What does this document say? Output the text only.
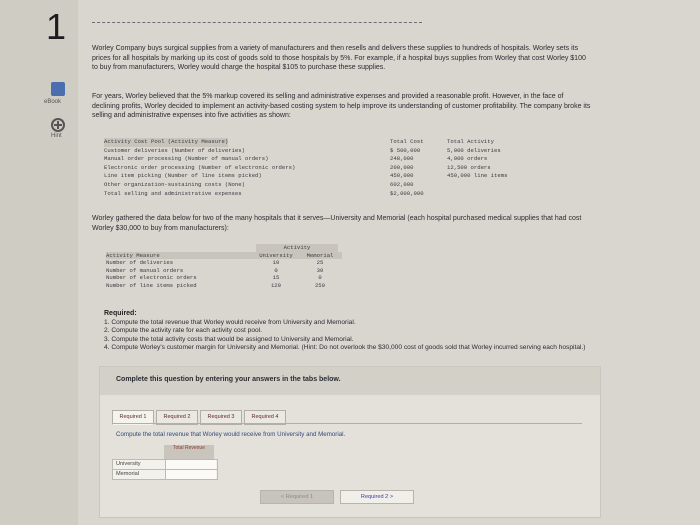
1
eBook
Hint
Worley Company buys surgical supplies from a variety of manufacturers and then resells and delivers these supplies to hundreds of hospitals. Worley sets its prices for all hospitals by marking up its cost of goods sold to those hospitals by 5%. For example, if a hospital buys supplies from Worley that cost Worley $100 to buy from manufacturers, Worley would charge the hospital $105 to purchase these supplies.
For years, Worley believed that the 5% markup covered its selling and administrative expenses and provided a reasonable profit. However, in the face of declining profits, Worley decided to implement an activity-based costing system to help improve its understanding of customer profitability. The company broke its selling and administrative expenses into five activities as shown:
Activity Cost Pool (Activity Measure)	Total Cost	Total Activity
Customer deliveries (Number of deliveries)	$ 500,000	5,000 deliveries
Manual order processing (Number of manual orders)	248,000	4,000 orders
Electronic order processing (Number of electronic orders)	200,000	12,500 orders
Line item picking (Number of line items picked)	450,000	450,000 line items
Other organization-sustaining costs (None)	602,000
Total selling and administrative expenses	$2,000,000
Worley gathered the data below for two of the many hospitals that it serves—University and Memorial (each hospital purchased medical supplies that had cost Worley $30,000 to buy from manufacturers):
Activity
Activity Measure	University	Memorial
Number of deliveries	10	25
Number of manual orders	0	30
Number of electronic orders	15	0
Number of line items picked	120	250
Required:
1. Compute the total revenue that Worley would receive from University and Memorial.
2. Compute the activity rate for each activity cost pool.
3. Compute the total activity costs that would be assigned to University and Memorial.
4. Compute Worley's customer margin for University and Memorial. (Hint: Do not overlook the $30,000 cost of goods sold that Worley incurred serving each hospital.)
Complete this question by entering your answers in the tabs below.
Required 1	Required 2	Required 3	Required 4
Compute the total revenue that Worley would receive from University and Memorial.
Total Revenue
University
Memorial
< Required 1	Required 2 >
